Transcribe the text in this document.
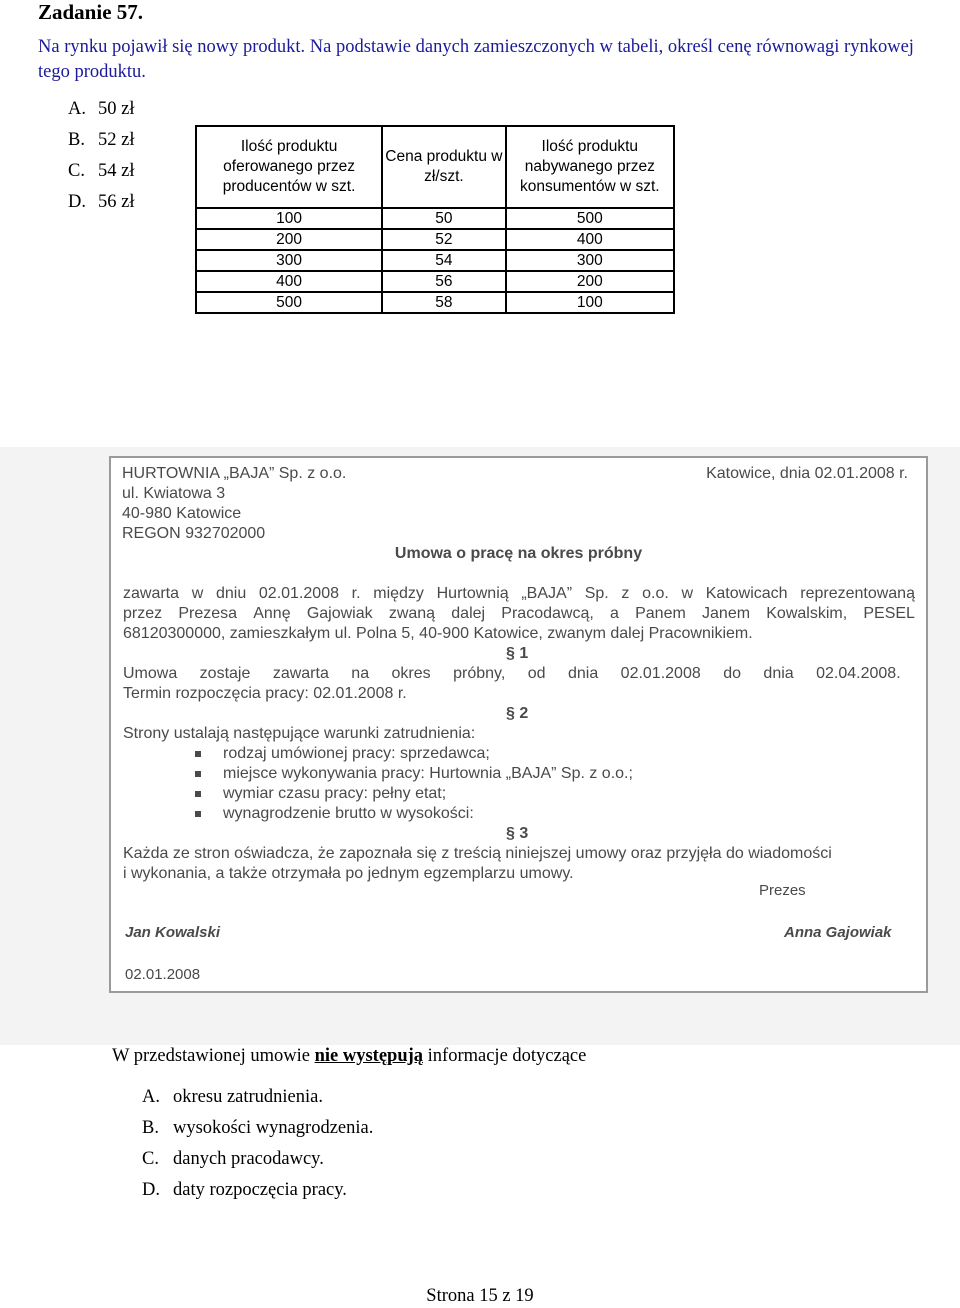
Zadanie 57.
Na rynku pojawił się nowy produkt. Na podstawie danych zamieszczonych w tabeli, określ cenę równowagi rynkowej tego produktu.
A. 50 zł
B. 52 zł
C. 54 zł
D. 56 zł
Ilość produktu oferowanego przez producentów w szt.	Cena produktu w zł/szt.	Ilość produktu nabywanego przez konsumentów w szt.
100	50	500
200	52	400
300	54	300
400	56	200
500	58	100
HURTOWNIA „BAJA” Sp. z o.o.	Katowice, dnia 02.01.2008 r.
ul. Kwiatowa 3
40-980 Katowice
REGON 932702000
Umowa o pracę na okres próbny
zawarta w dniu 02.01.2008 r. między Hurtownią „BAJA” Sp. z o.o. w Katowicach reprezentowaną
przez Prezesa Annę Gajowiak zwaną dalej Pracodawcą, a Panem Janem Kowalskim, PESEL
68120300000, zamieszkałym ul. Polna 5, 40-900 Katowice, zwanym dalej Pracownikiem.
§ 1
Umowa zostaje zawarta na okres próbny, od dnia 02.01.2008 do dnia 02.04.2008.
Termin rozpoczęcia pracy: 02.01.2008 r.
§ 2
Strony ustalają następujące warunki zatrudnienia:
rodzaj umówionej pracy: sprzedawca;
miejsce wykonywania pracy: Hurtownia „BAJA” Sp. z o.o.;
wymiar czasu pracy: pełny etat;
wynagrodzenie brutto w wysokości:
§ 3
Każda ze stron oświadcza, że zapoznała się z treścią niniejszej umowy oraz przyjęła do wiadomości
i wykonania, a także otrzymała po jednym egzemplarzu umowy.
Prezes
Jan Kowalski	Anna Gajowiak
02.01.2008
W przedstawionej umowie nie występują informacje dotyczące
A. okresu zatrudnienia.
B. wysokości wynagrodzenia.
C. danych pracodawcy.
D. daty rozpoczęcia pracy.
Strona 15 z 19
